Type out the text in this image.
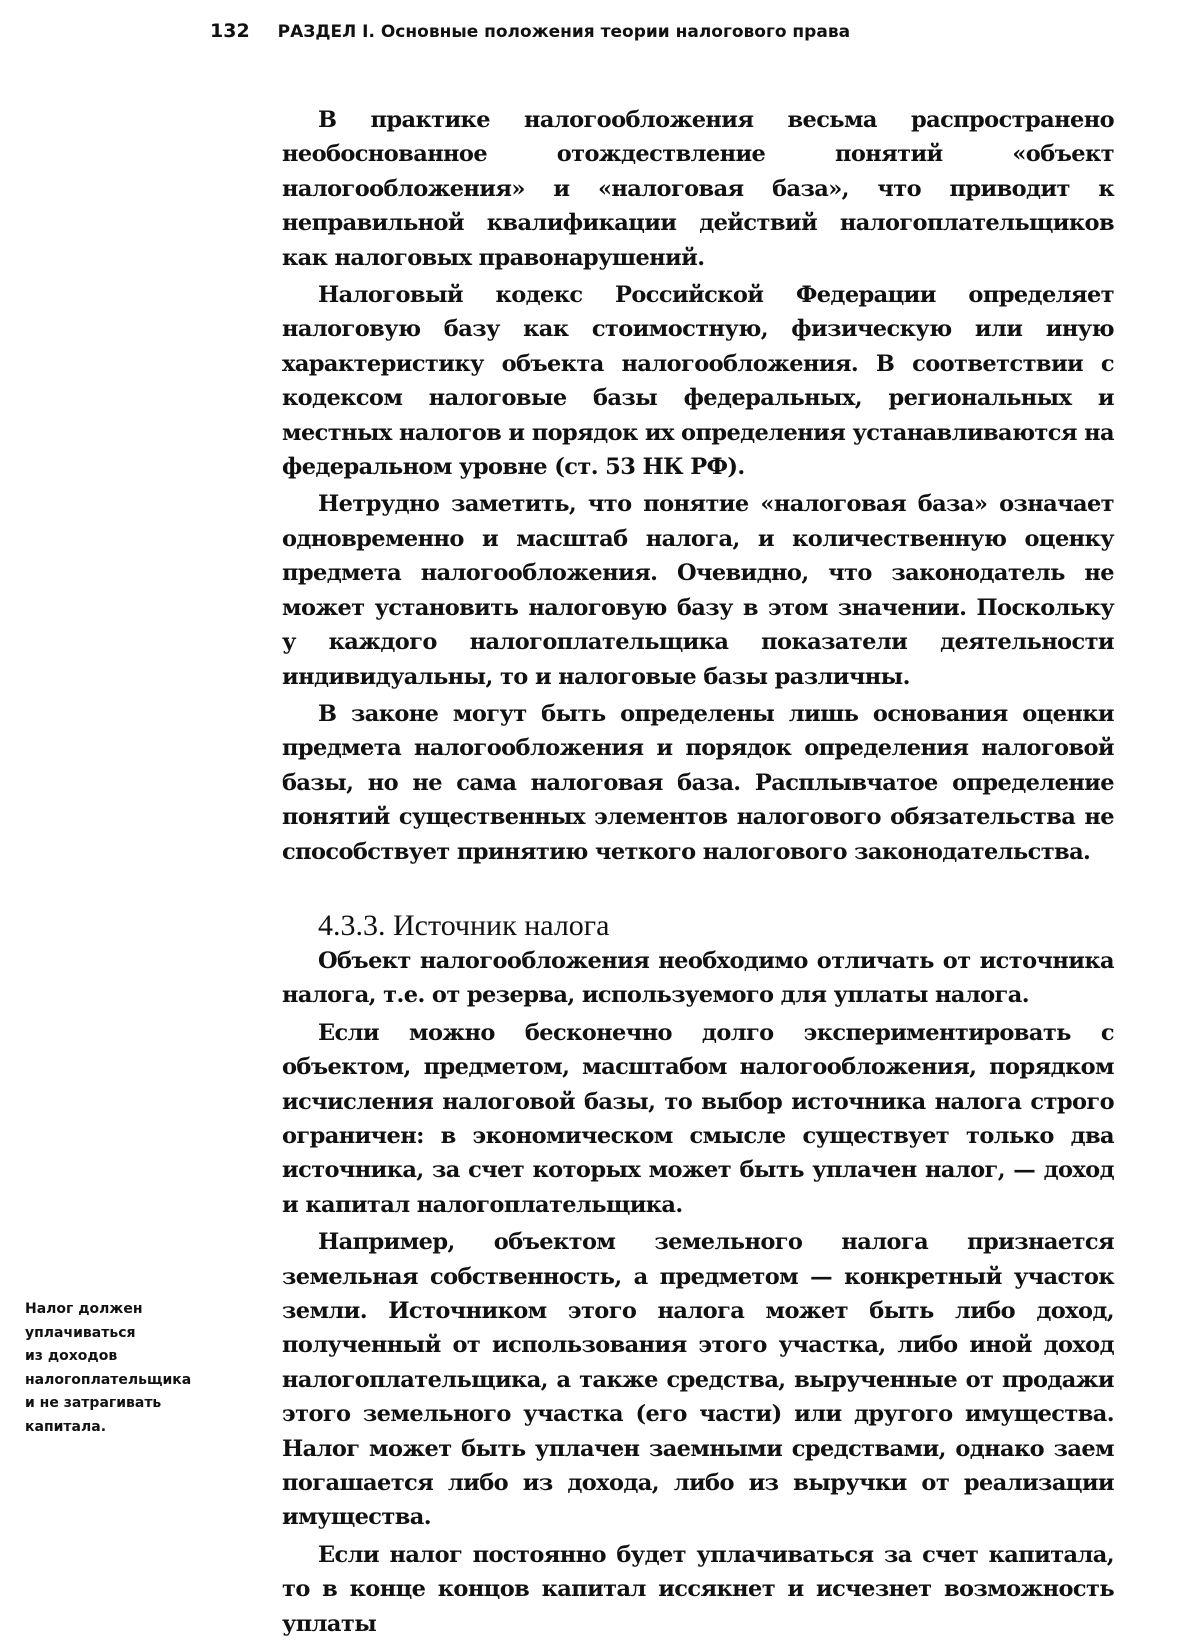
132 РАЗДЕЛ I. Основные положения теории налогового права

В практике налогообложения весьма распространено необоснованное отождествление понятий «объект налогообложения» и «налоговая база», что приводит к неправильной квалификации действий налогоплательщиков как налоговых правонарушений.

Налоговый кодекс Российской Федерации определяет налоговую базу как стоимостную, физическую или иную характеристику объекта налогообложения. В соответствии с кодексом налоговые базы федеральных, региональных и местных налогов и порядок их определения устанавливаются на федеральном уровне (ст. 53 НК РФ).

Нетрудно заметить, что понятие «налоговая база» означает одновременно и масштаб налога, и количественную оценку предмета налогообложения. Очевидно, что законодатель не может установить налоговую базу в этом значении. Поскольку у каждого налогоплательщика показатели деятельности индивидуальны, то и налоговые базы различны.

В законе могут быть определены лишь основания оценки предмета налогообложения и порядок определения налоговой базы, но не сама налоговая база. Расплывчатое определение понятий существенных элементов налогового обязательства не способствует принятию четкого налогового законодательства.

4.3.3. Источник налога

Объект налогообложения необходимо отличать от источника налога, т.е. от резерва, используемого для уплаты налога.

Если можно бесконечно долго экспериментировать с объектом, предметом, масштабом налогообложения, порядком исчисления налоговой базы, то выбор источника налога строго ограничен: в экономическом смысле существует только два источника, за счет которых может быть уплачен налог, — доход и капитал налогоплательщика.

Например, объектом земельного налога признается земельная собственность, а предметом — конкретный участок земли. Источником этого налога может быть либо доход, полученный от использования этого участка, либо иной доход налогоплательщика, а также средства, вырученные от продажи этого земельного участка (его части) или другого имущества. Налог может быть уплачен заемными средствами, однако заем погашается либо из дохода, либо из выручки от реализации имущества.

Если налог постоянно будет уплачиваться за счет капитала, то в конце концов капитал иссякнет и исчезнет возможность уплаты

Налог должен
уплачиваться
из доходов
налогоплательщика
и не затрагивать
капитала.
